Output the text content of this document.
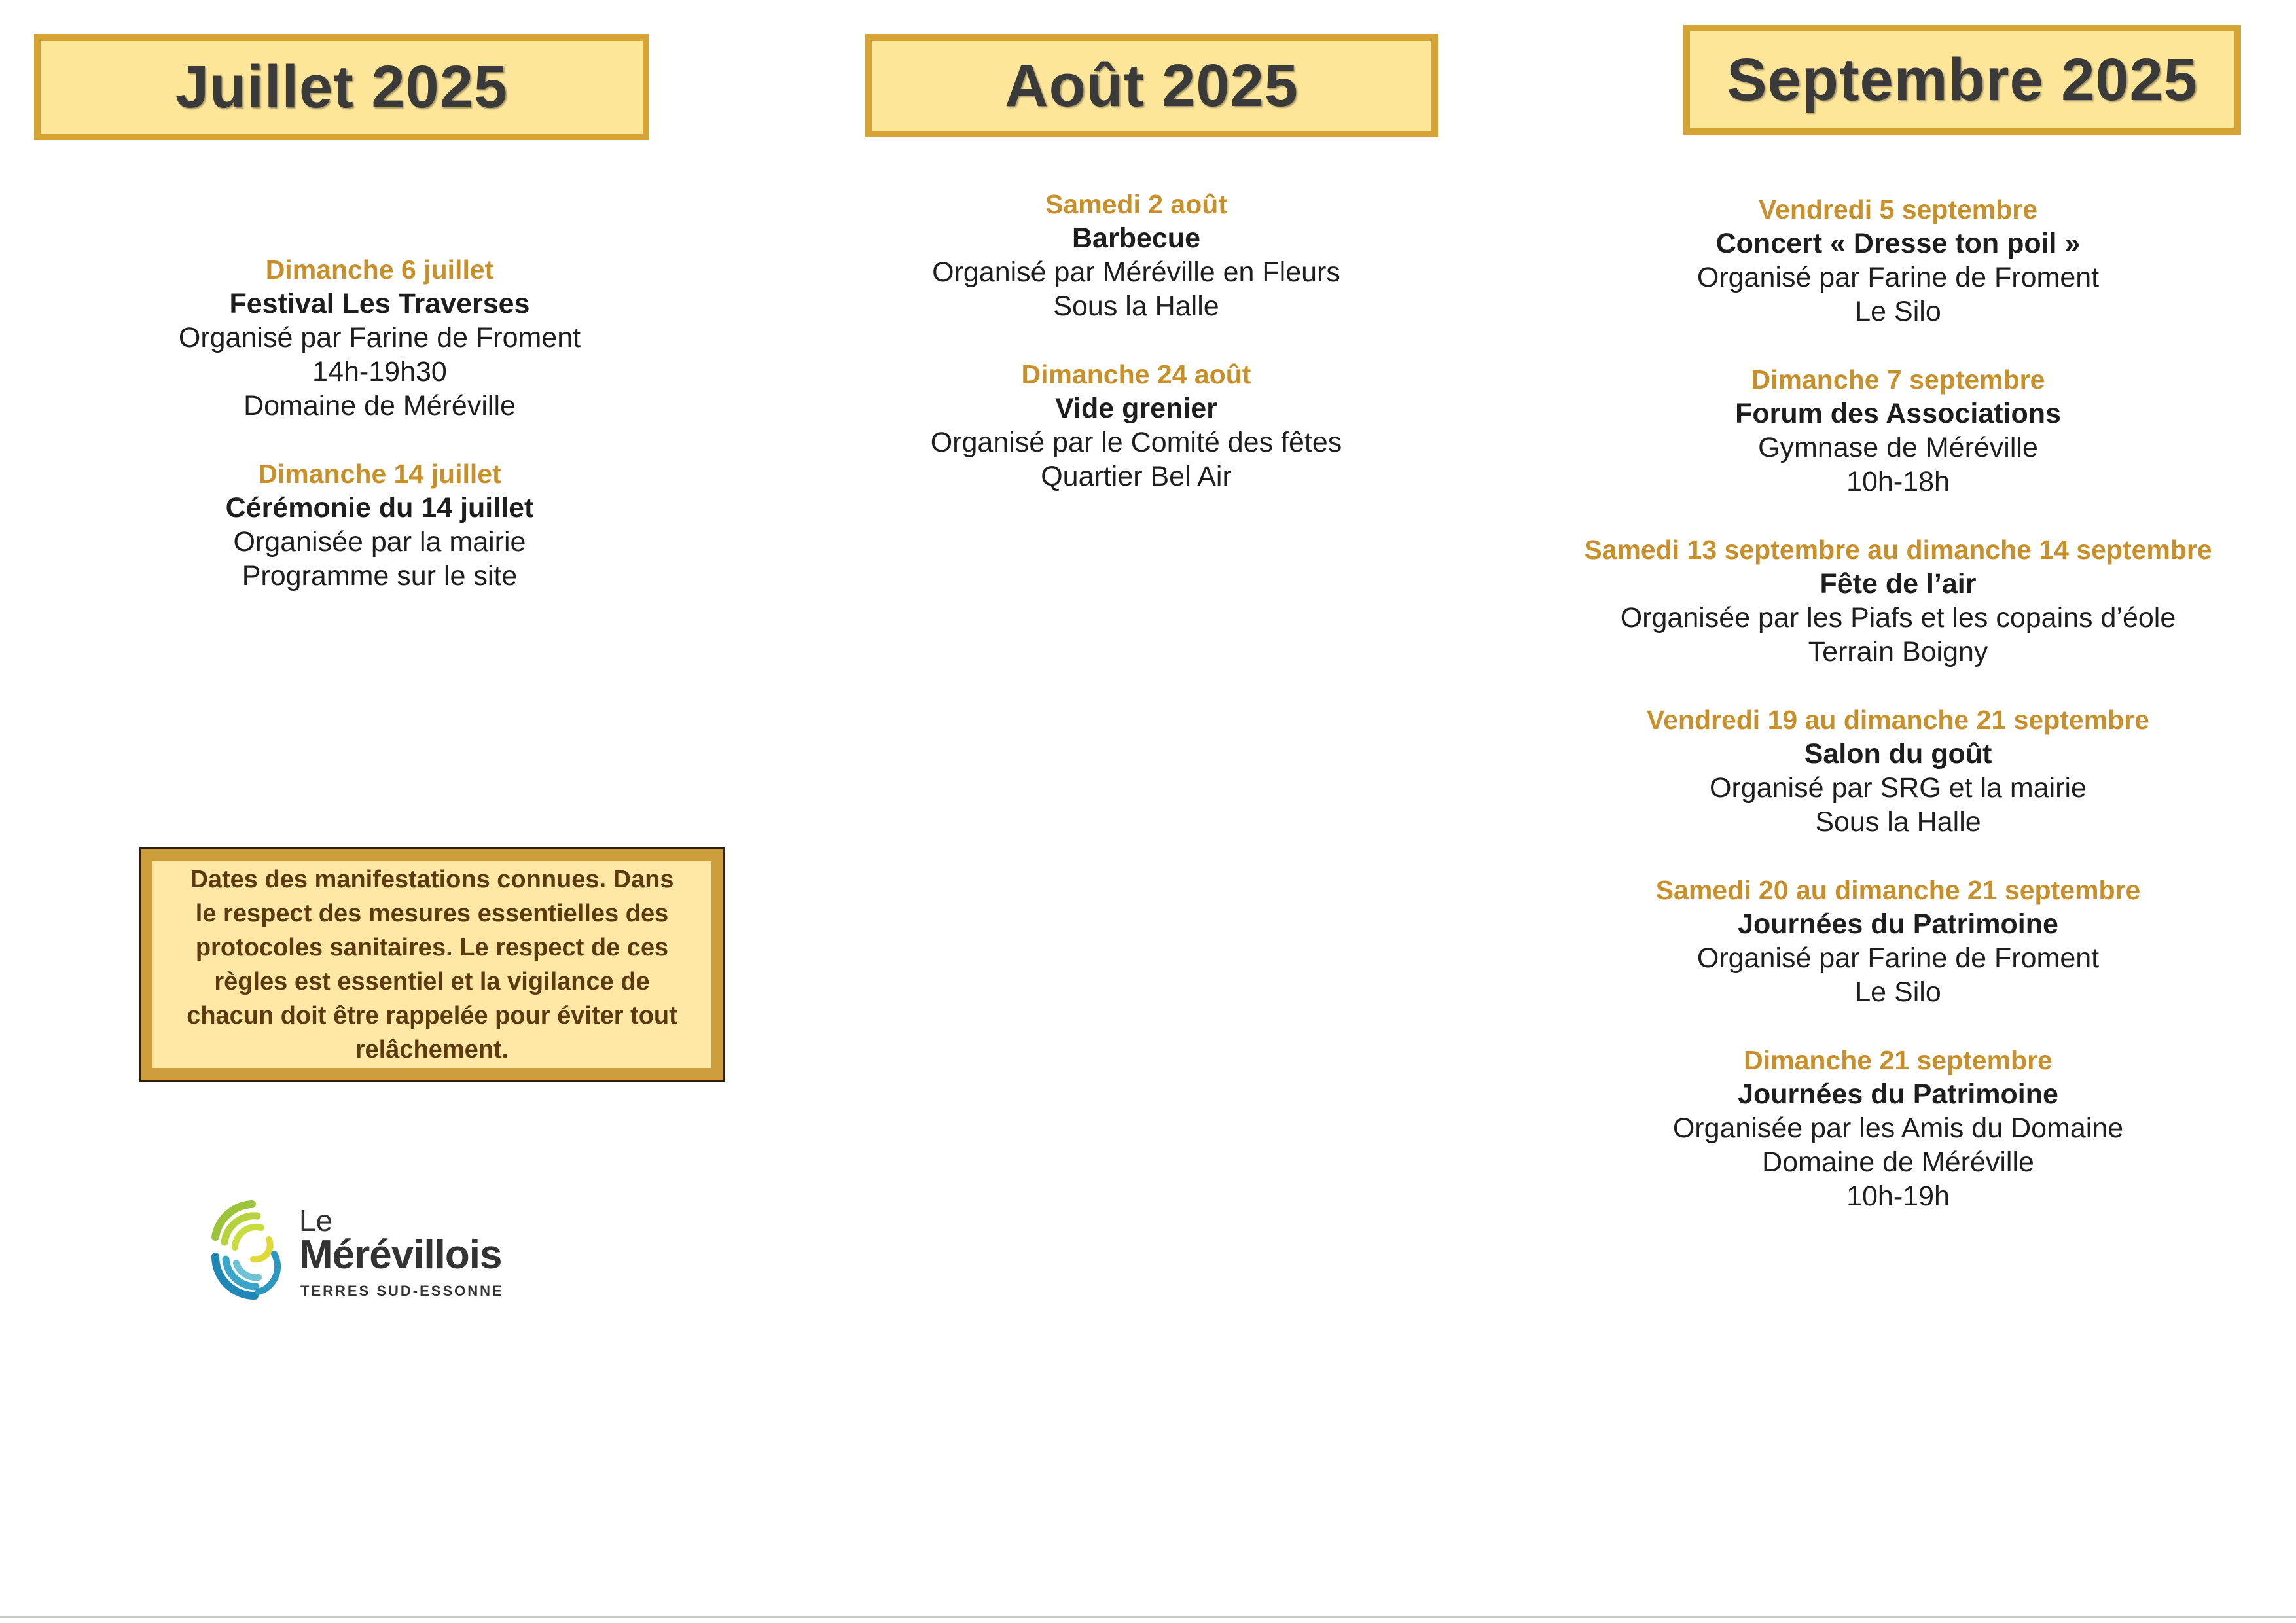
Juillet 2025	Août 2025	Septembre 2025
Dimanche 6 juillet
Festival Les Traverses
Organisé par Farine de Froment
14h-19h30
Domaine de Méréville
Dimanche 14 juillet
Cérémonie du 14 juillet
Organisée par la mairie
Programme sur le site
Samedi 2 août
Barbecue
Organisé par Méréville en Fleurs
Sous la Halle
Dimanche 24 août
Vide grenier
Organisé par le Comité des fêtes
Quartier Bel Air
Vendredi 5 septembre
Concert « Dresse ton poil »
Organisé par Farine de Froment
Le Silo
Dimanche 7 septembre
Forum des Associations
Gymnase de Méréville
10h-18h
Samedi 13 septembre au dimanche 14 septembre
Fête de l’air
Organisée par les Piafs et les copains d’éole
Terrain Boigny
Vendredi 19 au dimanche 21 septembre
Salon du goût
Organisé par SRG et la mairie
Sous la Halle
Samedi 20 au dimanche 21 septembre
Journées du Patrimoine
Organisé par Farine de Froment
Le Silo
Dimanche 21 septembre
Journées du Patrimoine
Organisée par les Amis du Domaine
Domaine de Méréville
10h-19h
Dates des manifestations connues. Dans
le respect des mesures essentielles des
protocoles sanitaires. Le respect de ces
règles est essentiel et la vigilance de
chacun doit être rappelée pour éviter tout
relâchement.
Le
Mérévillois
TERRES SUD-ESSONNE
